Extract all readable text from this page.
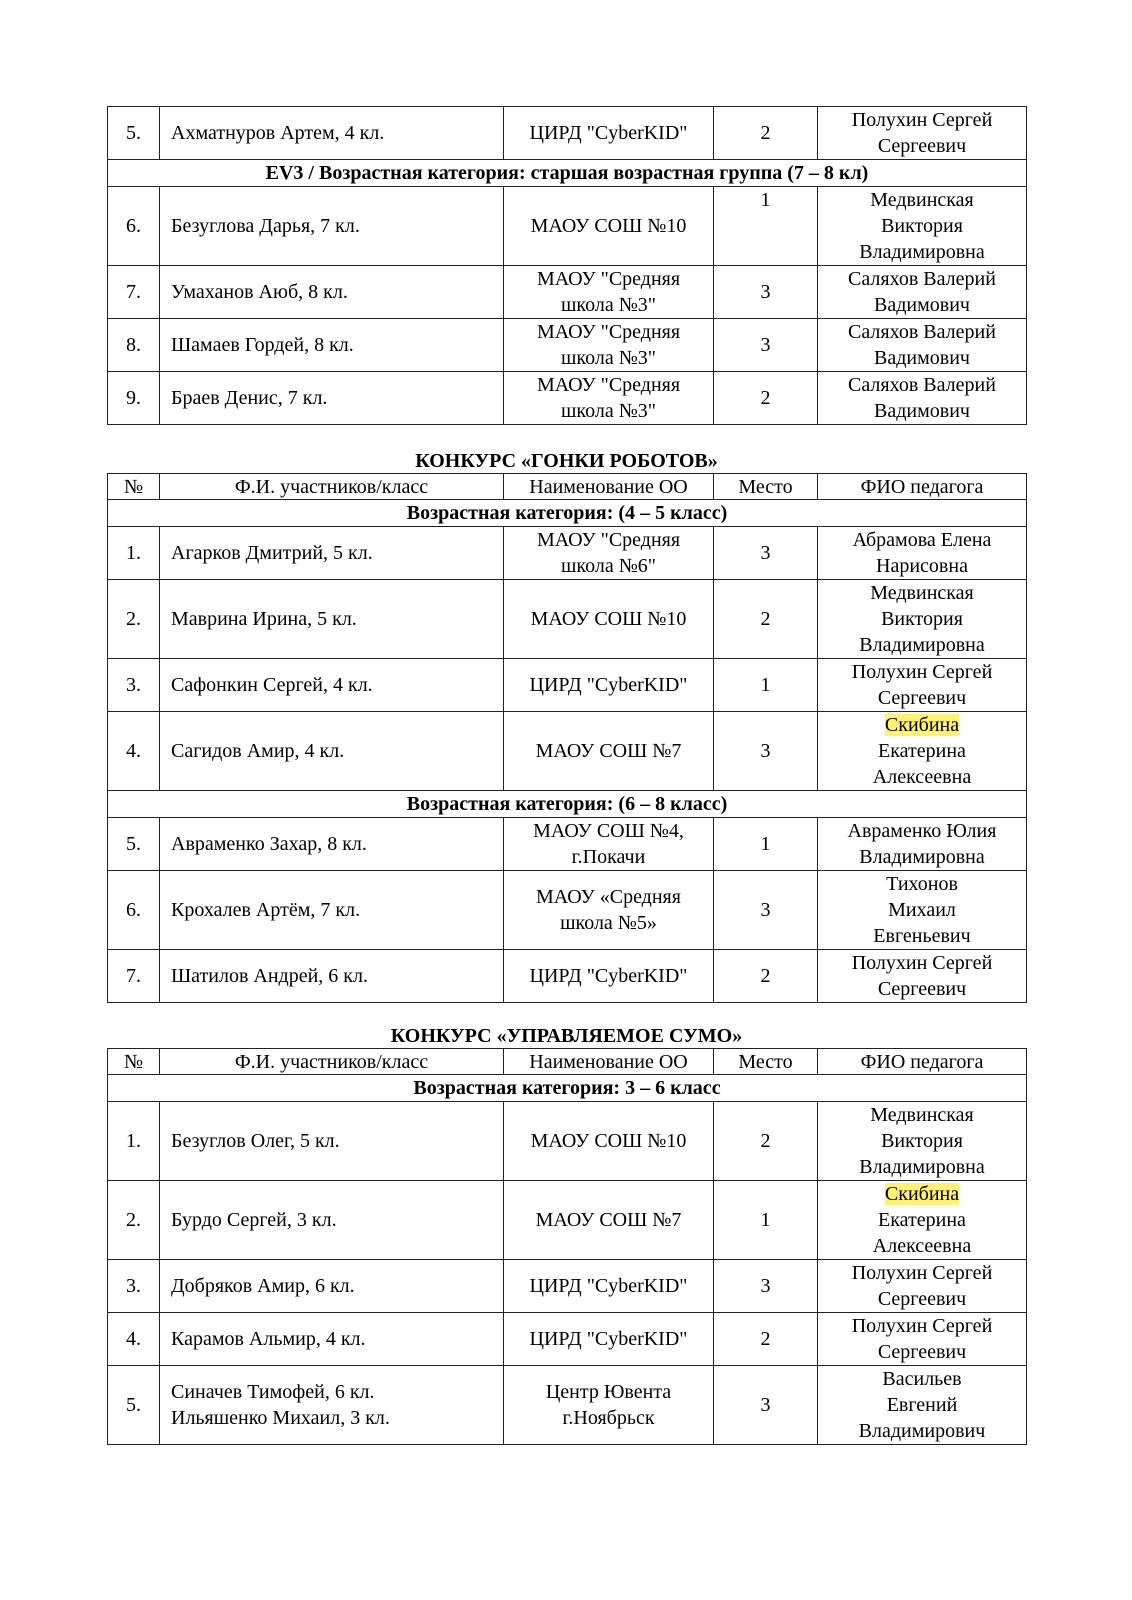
5.	Ахматнуров Артем, 4 кл.	ЦИРД "CyberKID"	2	Полухин Сергей
Сергеевич

EV3 / Возрастная категория: старшая возрастная группа (7 – 8 кл)				
6.	Безуглова Дарья, 7 кл.	МАОУ СОШ №10	1	Медвинская
Виктория
Владимировна

7.	Умаханов Аюб, 8 кл.	МАОУ "Средняя
школа №3"	3	Саляхов Валерий
Вадимович

8.	Шамаев Гордей, 8 кл.	МАОУ "Средняя
школа №3"	3	Саляхов Валерий
Вадимович

9.	Браев Денис, 7 кл.	МАОУ "Средняя
школа №3"	2	Саляхов Валерий
Вадимович
КОНКУРС «ГОНКИ РОБОТОВ»
№	Ф.И. участников/класс	Наименование ОО	Место	ФИО педагога
Возрастная категория: (4 – 5 класс)				
1.	Агарков Дмитрий, 5 кл.	МАОУ "Средняя
школа №6"	3	Абрамова Елена
Нарисовна

2.	Маврина Ирина, 5 кл.	МАОУ СОШ №10	2	Медвинская
Виктория
Владимировна

3.	Сафонкин Сергей, 4 кл.	ЦИРД "CyberKID"	1	Полухин Сергей
Сергеевич

4.	Сагидов Амир, 4 кл.	МАОУ СОШ №7	3	Скибина
Екатерина
Алексеевна

Возрастная категория: (6 – 8 класс)				
5.	Авраменко Захар, 8 кл.	МАОУ СОШ №4,
г.Покачи	1	Авраменко Юлия
Владимировна

6.	Крохалев Артём, 7 кл.	МАОУ «Средняя
школа №5»	3	Тихонов
Михаил
Евгеньевич

7.	Шатилов Андрей, 6 кл.	ЦИРД "CyberKID"	2	Полухин Сергей
Сергеевич
КОНКУРС «УПРАВЛЯЕМОЕ СУМО»
№	Ф.И. участников/класс	Наименование ОО	Место	ФИО педагога
Возрастная категория: 3 – 6 класс				
1.	Безуглов Олег, 5 кл.	МАОУ СОШ №10	2	Медвинская
Виктория
Владимировна

2.	Бурдо Сергей, 3 кл.	МАОУ СОШ №7	1	Скибина
Екатерина
Алексеевна

3.	Добряков Амир, 6 кл.	ЦИРД "CyberKID"	3	Полухин Сергей
Сергеевич

4.	Карамов Альмир, 4 кл.	ЦИРД "CyberKID"	2	Полухин Сергей
Сергеевич

5.	Синачев Тимофей, 6 кл.
Ильяшенко Михаил, 3 кл.	Центр Ювента
г.Ноябрьск	3	Васильев
Евгений
Владимирович
